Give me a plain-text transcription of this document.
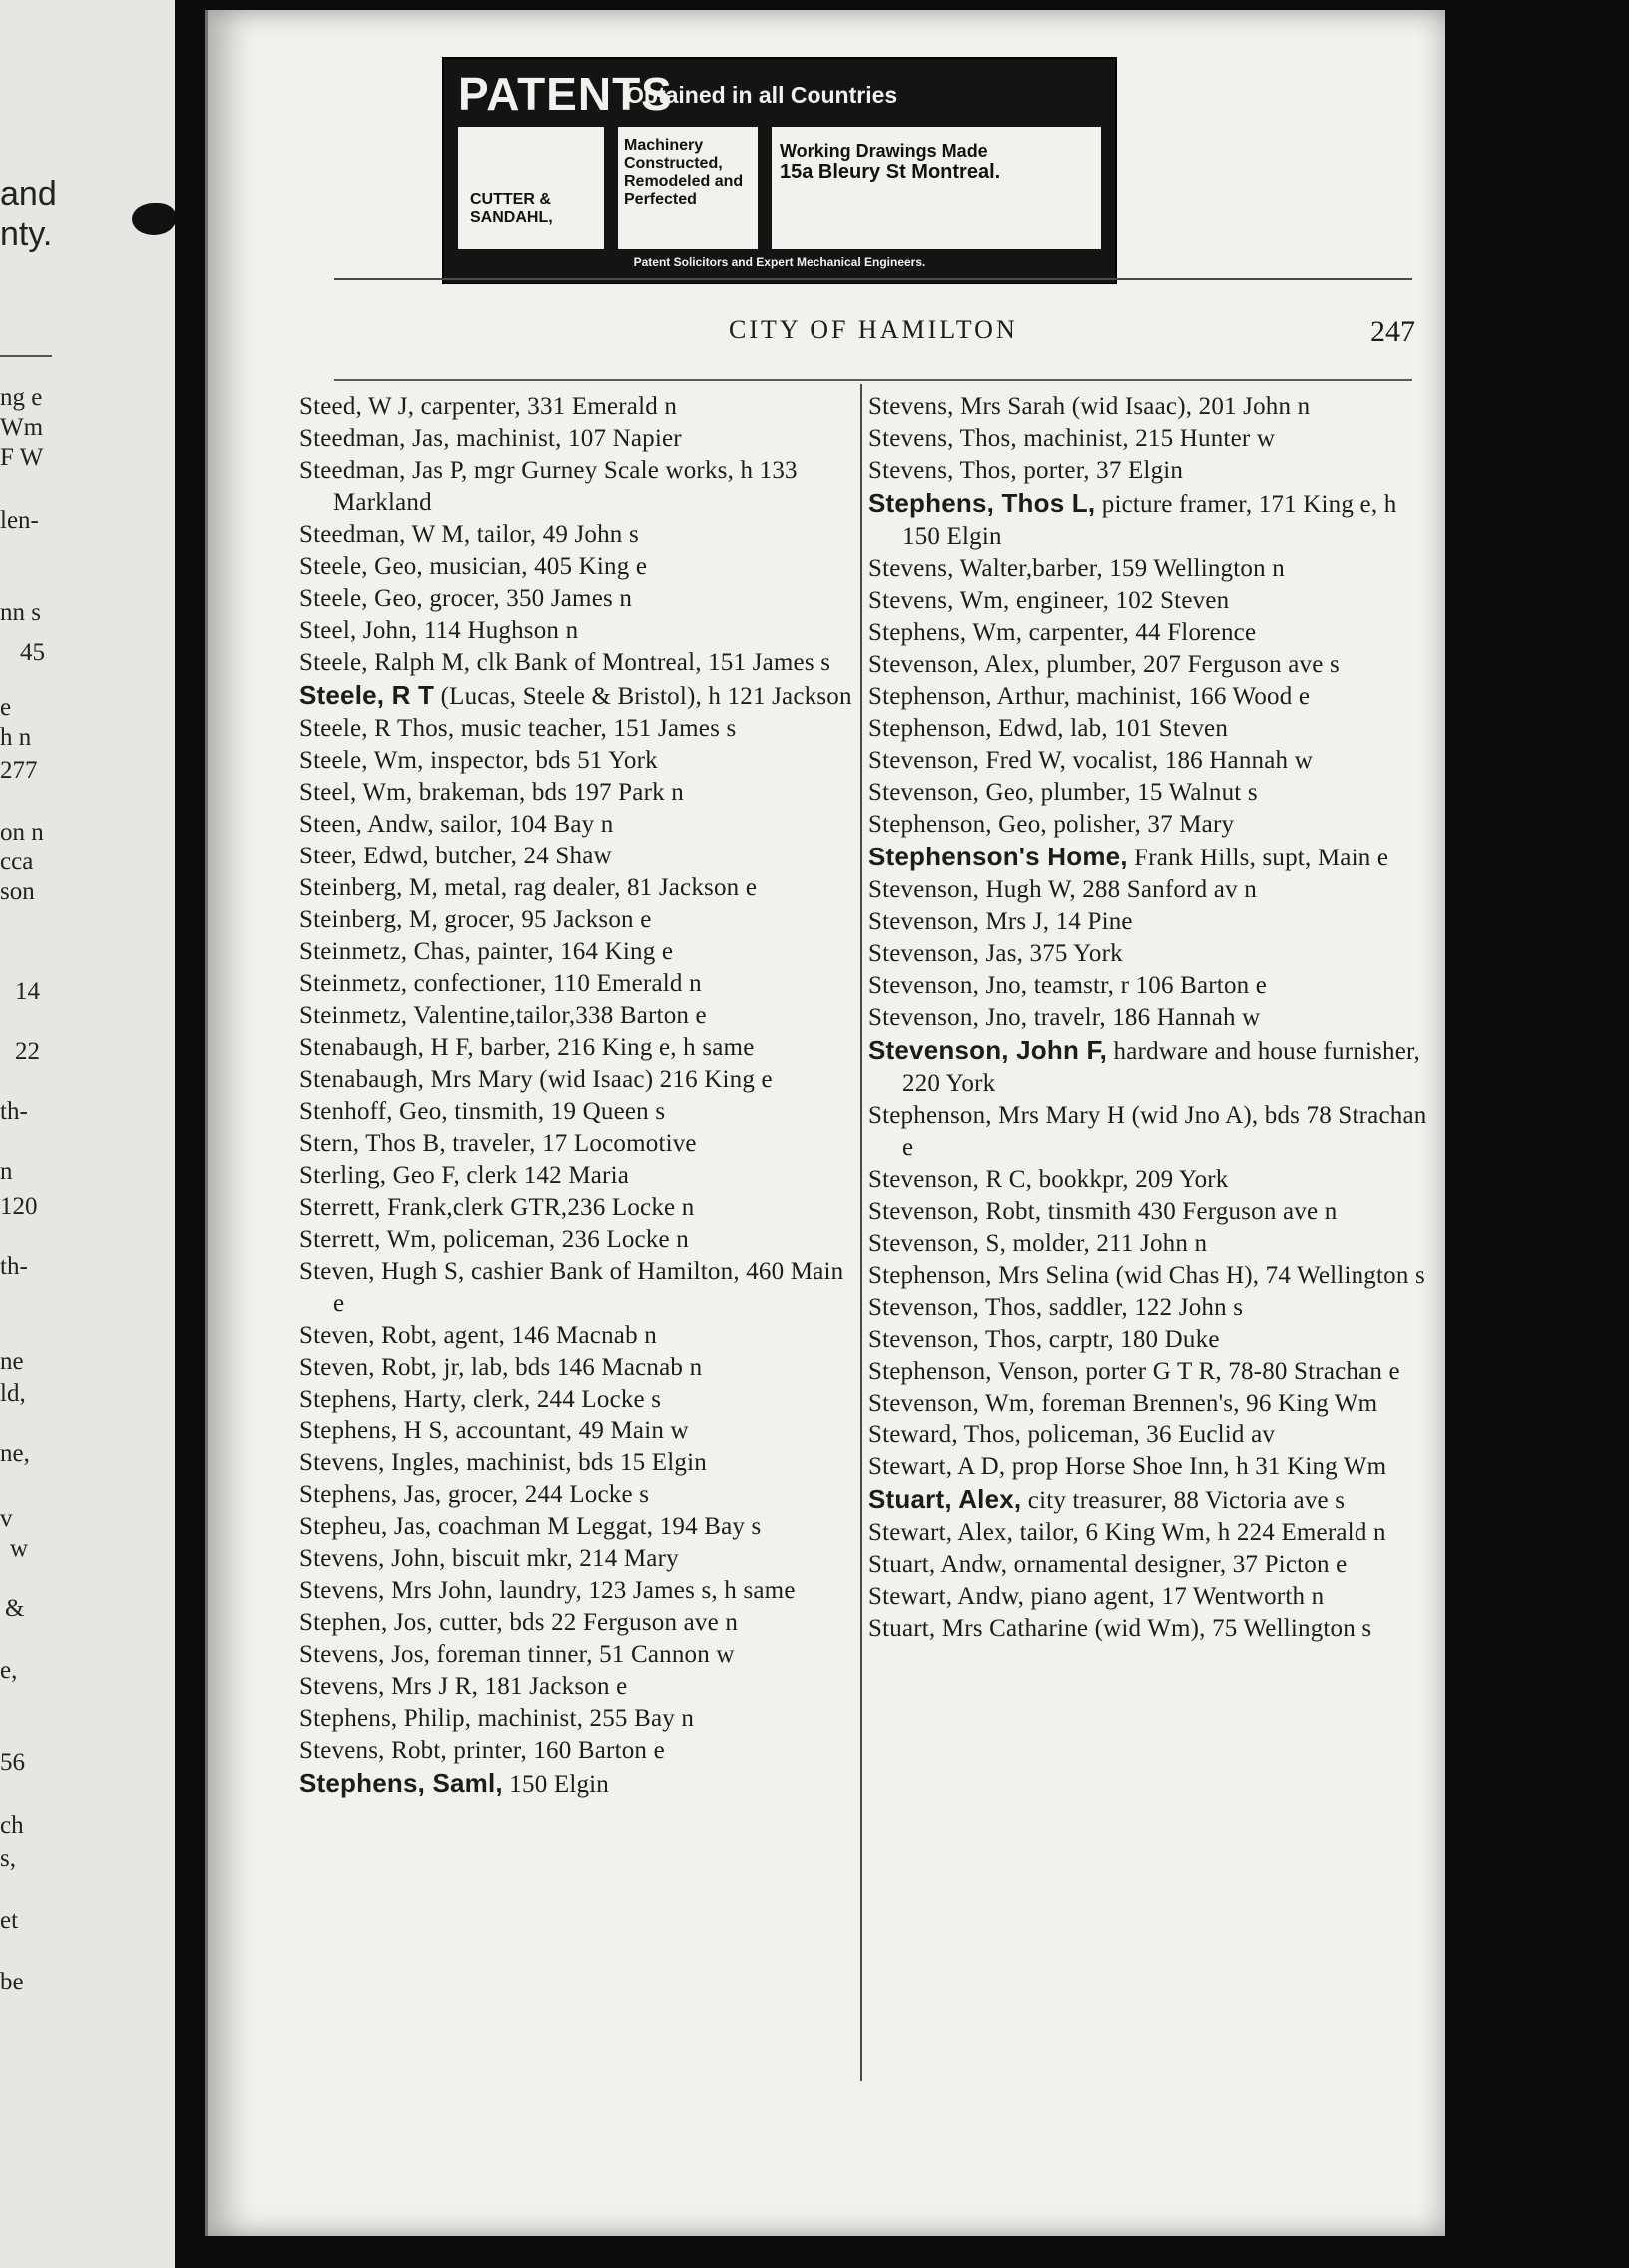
and
nty.
ng e
Wm
F W
len-
nn s
45
e
h n
277
on n
cca
son
14
22
th-
n
120
th-
ne
ld,
ne,
v
w
&
e,
56
ch
s,
et
be
PATENTS
Obtained in all Countries
CUTTER & SANDAHL,
Machinery Constructed, Remodeled and Perfected
Working Drawings Made
15a Bleury St Montreal.
Patent Solicitors and Expert Mechanical Engineers.
CITY OF HAMILTON	247
Steed, W J, carpenter, 331 Emerald n
Steedman, Jas, machinist, 107 Napier
Steedman, Jas P, mgr Gurney Scale works, h 133 Markland
Steedman, W M, tailor, 49 John s
Steele, Geo, musician, 405 King e
Steele, Geo, grocer, 350 James n
Steel, John, 114 Hughson n
Steele, Ralph M, clk Bank of Montreal, 151 James s
Steele, R T (Lucas, Steele & Bristol), h 121 Jackson
Steele, R Thos, music teacher, 151 James s
Steele, Wm, inspector, bds 51 York
Steel, Wm, brakeman, bds 197 Park n
Steen, Andw, sailor, 104 Bay n
Steer, Edwd, butcher, 24 Shaw
Steinberg, M, metal, rag dealer, 81 Jackson e
Steinberg, M, grocer, 95 Jackson e
Steinmetz, Chas, painter, 164 King e
Steinmetz, confectioner, 110 Emerald n
Steinmetz, Valentine,tailor,338 Barton e
Stenabaugh, H F, barber, 216 King e, h same
Stenabaugh, Mrs Mary (wid Isaac) 216 King e
Stenhoff, Geo, tinsmith, 19 Queen s
Stern, Thos B, traveler, 17 Locomotive
Sterling, Geo F, clerk 142 Maria
Sterrett, Frank,clerk GTR,236 Locke n
Sterrett, Wm, policeman, 236 Locke n
Steven, Hugh S, cashier Bank of Hamilton, 460 Main e
Steven, Robt, agent, 146 Macnab n
Steven, Robt, jr, lab, bds 146 Macnab n
Stephens, Harty, clerk, 244 Locke s
Stephens, H S, accountant, 49 Main w
Stevens, Ingles, machinist, bds 15 Elgin
Stephens, Jas, grocer, 244 Locke s
Stepheu, Jas, coachman M Leggat, 194 Bay s
Stevens, John, biscuit mkr, 214 Mary
Stevens, Mrs John, laundry, 123 James s, h same
Stephen, Jos, cutter, bds 22 Ferguson ave n
Stevens, Jos, foreman tinner, 51 Cannon w
Stevens, Mrs J R, 181 Jackson e
Stephens, Philip, machinist, 255 Bay n
Stevens, Robt, printer, 160 Barton e
Stephens, Saml, 150 Elgin
Stevens, Mrs Sarah (wid Isaac), 201 John n
Stevens, Thos, machinist, 215 Hunter w
Stevens, Thos, porter, 37 Elgin
Stephens, Thos L, picture framer, 171 King e, h 150 Elgin
Stevens, Walter,barber, 159 Wellington n
Stevens, Wm, engineer, 102 Steven
Stephens, Wm, carpenter, 44 Florence
Stevenson, Alex, plumber, 207 Ferguson ave s
Stephenson, Arthur, machinist, 166 Wood e
Stephenson, Edwd, lab, 101 Steven
Stevenson, Fred W, vocalist, 186 Hannah w
Stevenson, Geo, plumber, 15 Walnut s
Stephenson, Geo, polisher, 37 Mary
Stephenson's Home, Frank Hills, supt, Main e
Stevenson, Hugh W, 288 Sanford av n
Stevenson, Mrs J, 14 Pine
Stevenson, Jas, 375 York
Stevenson, Jno, teamstr, r 106 Barton e
Stevenson, Jno, travelr, 186 Hannah w
Stevenson, John F, hardware and house furnisher, 220 York
Stephenson, Mrs Mary H (wid Jno A), bds 78 Strachan e
Stevenson, R C, bookkpr, 209 York
Stevenson, Robt, tinsmith 430 Ferguson ave n
Stevenson, S, molder, 211 John n
Stephenson, Mrs Selina (wid Chas H), 74 Wellington s
Stevenson, Thos, saddler, 122 John s
Stevenson, Thos, carptr, 180 Duke
Stephenson, Venson, porter G T R, 78-80 Strachan e
Stevenson, Wm, foreman Brennen's, 96 King Wm
Steward, Thos, policeman, 36 Euclid av
Stewart, A D, prop Horse Shoe Inn, h 31 King Wm
Stuart, Alex, city treasurer, 88 Victoria ave s
Stewart, Alex, tailor, 6 King Wm, h 224 Emerald n
Stuart, Andw, ornamental designer, 37 Picton e
Stewart, Andw, piano agent, 17 Wentworth n
Stuart, Mrs Catharine (wid Wm), 75 Wellington s
